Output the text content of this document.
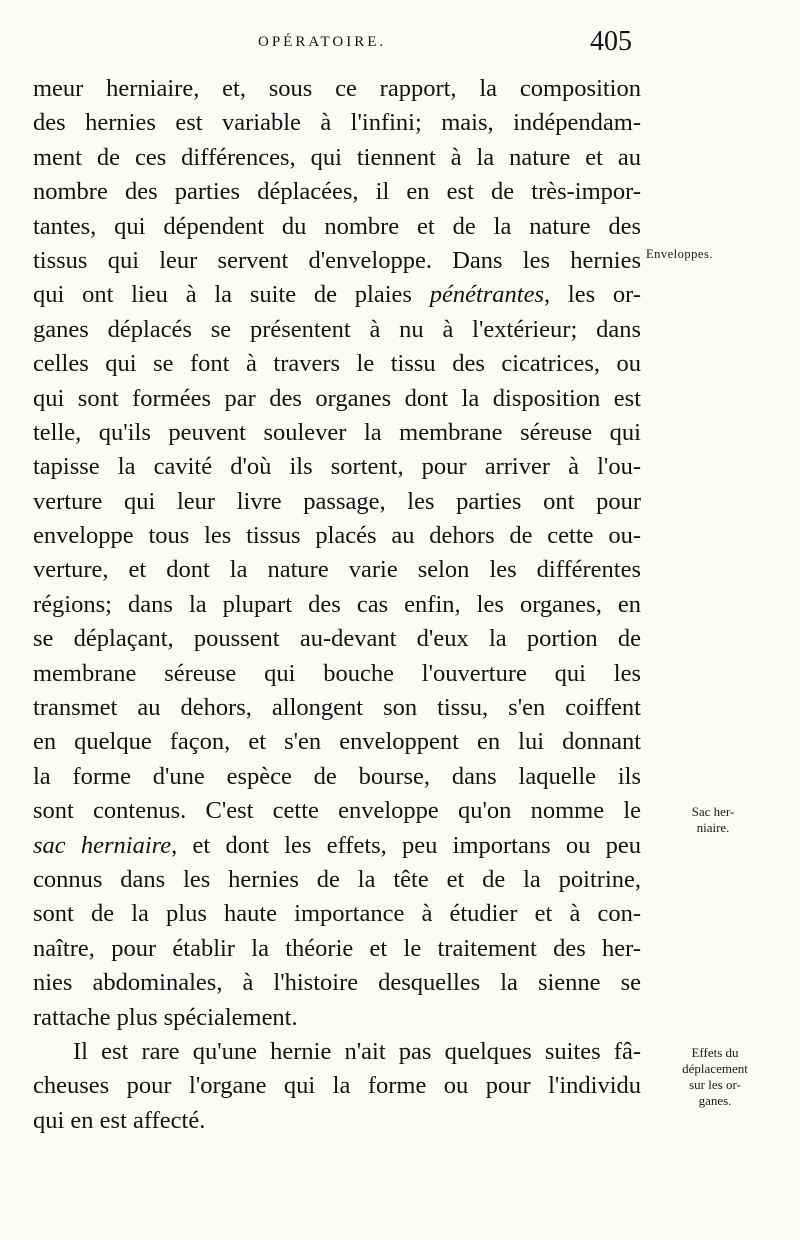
OPÉRATOIRE.	405
meur herniaire, et, sous ce rapport, la composition
des hernies est variable à l'infini; mais, indépendam-
ment de ces différences, qui tiennent à la nature et au
nombre des parties déplacées, il en est de très-impor-
tantes, qui dépendent du nombre et de la nature des
tissus qui leur servent d'enveloppe. Dans les hernies
qui ont lieu à la suite de plaies pénétrantes, les or-
ganes déplacés se présentent à nu à l'extérieur; dans
celles qui se font à travers le tissu des cicatrices, ou
qui sont formées par des organes dont la disposition est
telle, qu'ils peuvent soulever la membrane séreuse qui
tapisse la cavité d'où ils sortent, pour arriver à l'ou-
verture qui leur livre passage, les parties ont pour
enveloppe tous les tissus placés au dehors de cette ou-
verture, et dont la nature varie selon les différentes
régions; dans la plupart des cas enfin, les organes, en
se déplaçant, poussent au-devant d'eux la portion de
membrane séreuse qui bouche l'ouverture qui les
transmet au dehors, allongent son tissu, s'en coiffent
en quelque façon, et s'en enveloppent en lui donnant
la forme d'une espèce de bourse, dans laquelle ils
sont contenus. C'est cette enveloppe qu'on nomme le
sac herniaire, et dont les effets, peu importans ou peu
connus dans les hernies de la tête et de la poitrine,
sont de la plus haute importance à étudier et à con-
naître, pour établir la théorie et le traitement des her-
nies abdominales, à l'histoire desquelles la sienne se
rattache plus spécialement.
Il est rare qu'une hernie n'ait pas quelques suites fâ-
cheuses pour l'organe qui la forme ou pour l'individu
qui en est affecté.
Enveloppes.
Sac her-
niaire.
Effets du
déplacement
sur les or-
ganes.
